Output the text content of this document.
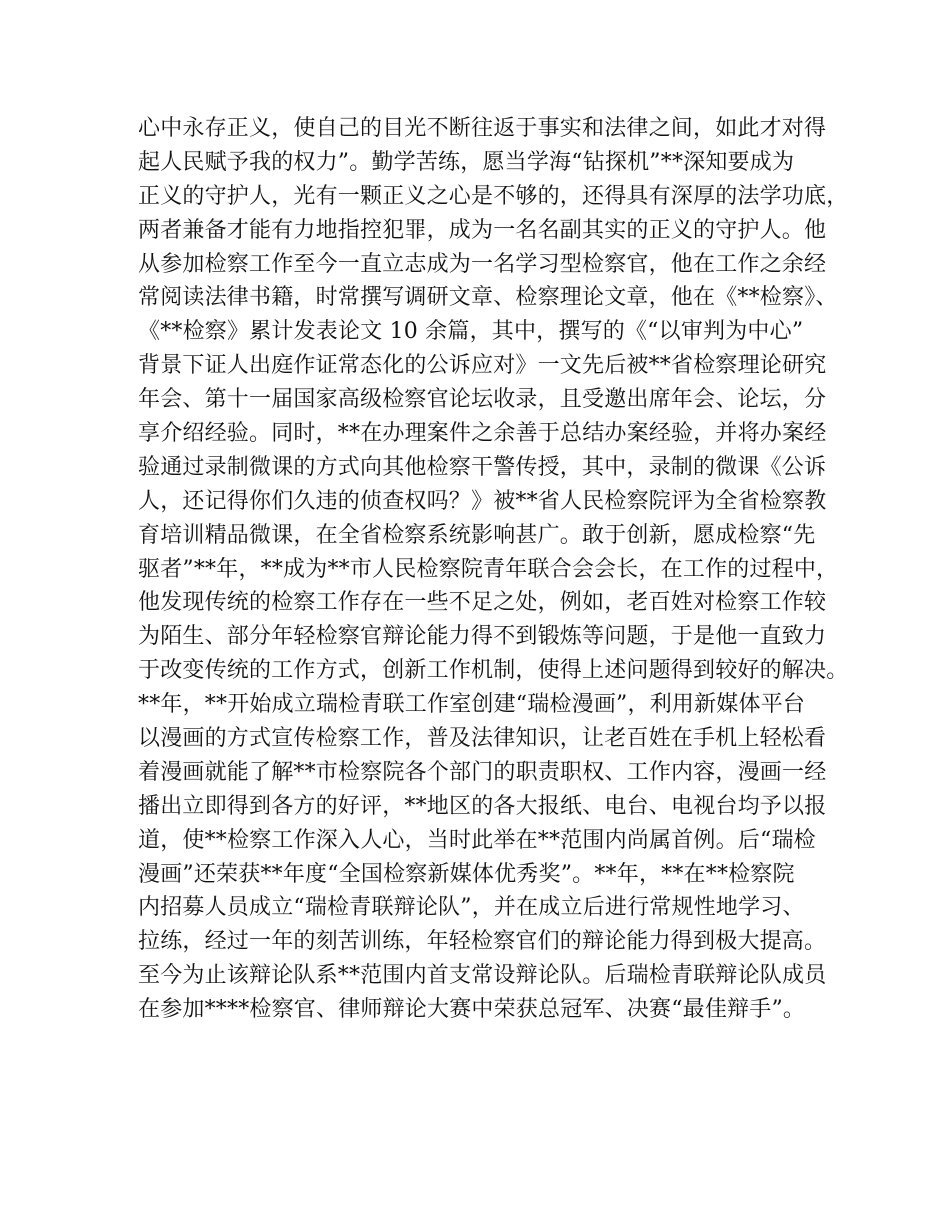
心中永存正义，使自己的目光不断往返于事实和法律之间，如此才对得
起人民赋予我的权力”。勤学苦练，愿当学海“钻探机”**深知要成为
正义的守护人，光有一颗正义之心是不够的，还得具有深厚的法学功底，
两者兼备才能有力地指控犯罪，成为一名名副其实的正义的守护人。他
从参加检察工作至今一直立志成为一名学习型检察官，他在工作之余经
常阅读法律书籍，时常撰写调研文章、检察理论文章，他在《**检察》、
《**检察》累计发表论文 10 余篇，其中，撰写的《“以审判为中心”
背景下证人出庭作证常态化的公诉应对》一文先后被**省检察理论研究
年会、第十一届国家高级检察官论坛收录，且受邀出席年会、论坛，分
享介绍经验。同时，**在办理案件之余善于总结办案经验，并将办案经
验通过录制微课的方式向其他检察干警传授，其中，录制的微课《公诉
人，还记得你们久违的侦查权吗？》被**省人民检察院评为全省检察教
育培训精品微课，在全省检察系统影响甚广。敢于创新，愿成检察“先
驱者”**年，**成为**市人民检察院青年联合会会长，在工作的过程中，
他发现传统的检察工作存在一些不足之处，例如，老百姓对检察工作较
为陌生、部分年轻检察官辩论能力得不到锻炼等问题，于是他一直致力
于改变传统的工作方式，创新工作机制，使得上述问题得到较好的解决。
**年，**开始成立瑞检青联工作室创建“瑞检漫画”，利用新媒体平台
以漫画的方式宣传检察工作，普及法律知识，让老百姓在手机上轻松看
着漫画就能了解**市检察院各个部门的职责职权、工作内容，漫画一经
播出立即得到各方的好评，**地区的各大报纸、电台、电视台均予以报
道，使**检察工作深入人心，当时此举在**范围内尚属首例。后“瑞检
漫画”还荣获**年度“全国检察新媒体优秀奖”。**年，**在**检察院
内招募人员成立“瑞检青联辩论队”，并在成立后进行常规性地学习、
拉练，经过一年的刻苦训练，年轻检察官们的辩论能力得到极大提高。
至今为止该辩论队系**范围内首支常设辩论队。后瑞检青联辩论队成员
在参加****检察官、律师辩论大赛中荣获总冠军、决赛“最佳辩手”。
